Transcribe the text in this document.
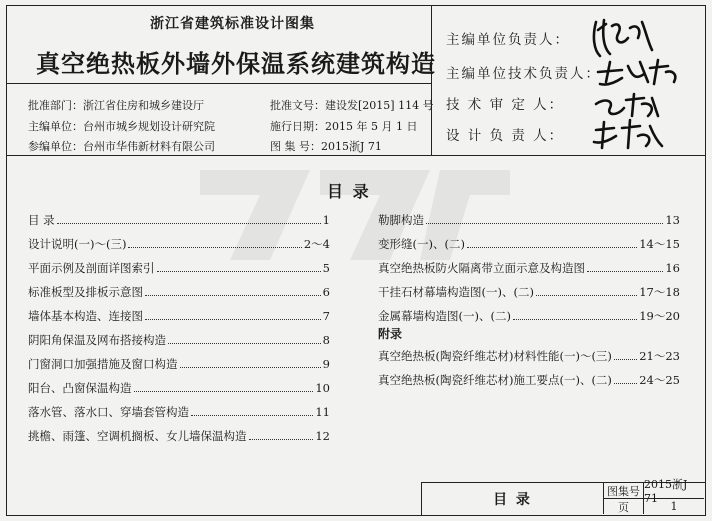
浙江省建筑标准设计图集
真空绝热板外墙外保温系统建筑构造
批准部门：浙江省住房和城乡建设厅	批准文号：建设发[2015] 114 号
主编单位：台州市城乡规划设计研究院	施行日期：2015 年 5 月 1 日
参编单位：台州市华伟新材料有限公司	图 集 号：2015浙J 71
主编单位负责人：
主编单位技术负责人：
技 术 审 定 人：
设 计 负 责 人：
目 录
目 录	1
设计说明(一)～(三)	2～4
平面示例及剖面详图索引	5
标准板型及排板示意图	6
墙体基本构造、连接图	7
阴阳角保温及网布搭接构造	8
门窗洞口加强措施及窗口构造	9
阳台、凸窗保温构造	10
落水管、落水口、穿墙套管构造	11
挑檐、雨篷、空调机搁板、女儿墙保温构造	12
勒脚构造	13
变形缝(一)、(二)	14～15
真空绝热板防火隔离带立面示意及构造图	16
干挂石材幕墙构造图(一)、(二)	17～18
金属幕墙构造图(一)、(二)	19～20
附录
真空绝热板(陶瓷纤维芯材)材料性能(一)～(三) 21～23
真空绝热板(陶瓷纤维芯材)施工要点(一)、(二) 24～25
目 录
图集号 2015浙J 71
页	1
